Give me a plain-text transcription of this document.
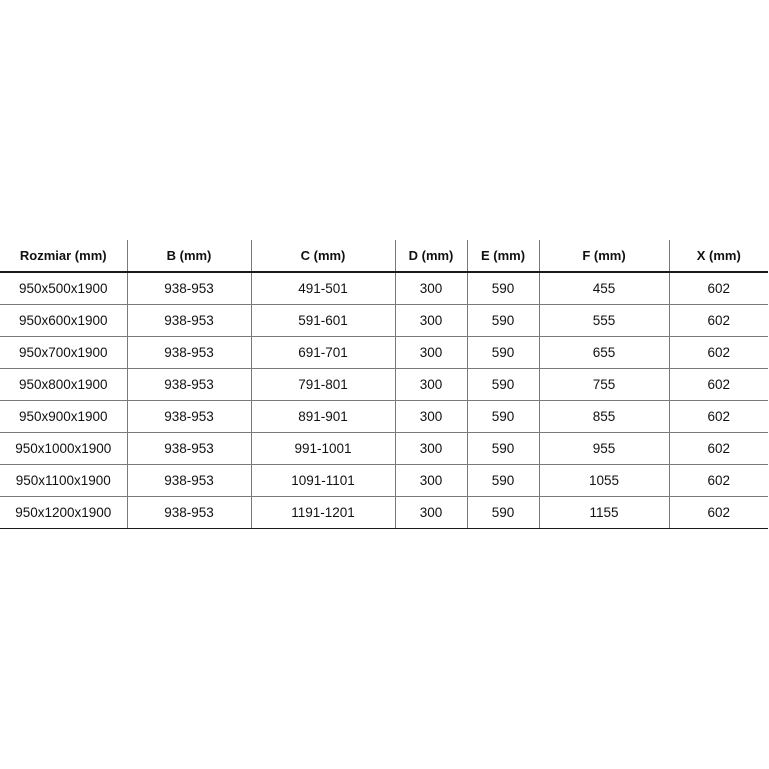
Rozmiar (mm)	B (mm)	C (mm)	D (mm)	E (mm)	F (mm)	X (mm)
950x500x1900	938-953	491-501	300	590	455	602
950x600x1900	938-953	591-601	300	590	555	602
950x700x1900	938-953	691-701	300	590	655	602
950x800x1900	938-953	791-801	300	590	755	602
950x900x1900	938-953	891-901	300	590	855	602
950x1000x1900	938-953	991-1001	300	590	955	602
950x1100x1900	938-953	1091-1101	300	590	1055	602
950x1200x1900	938-953	1191-1201	300	590	1155	602
